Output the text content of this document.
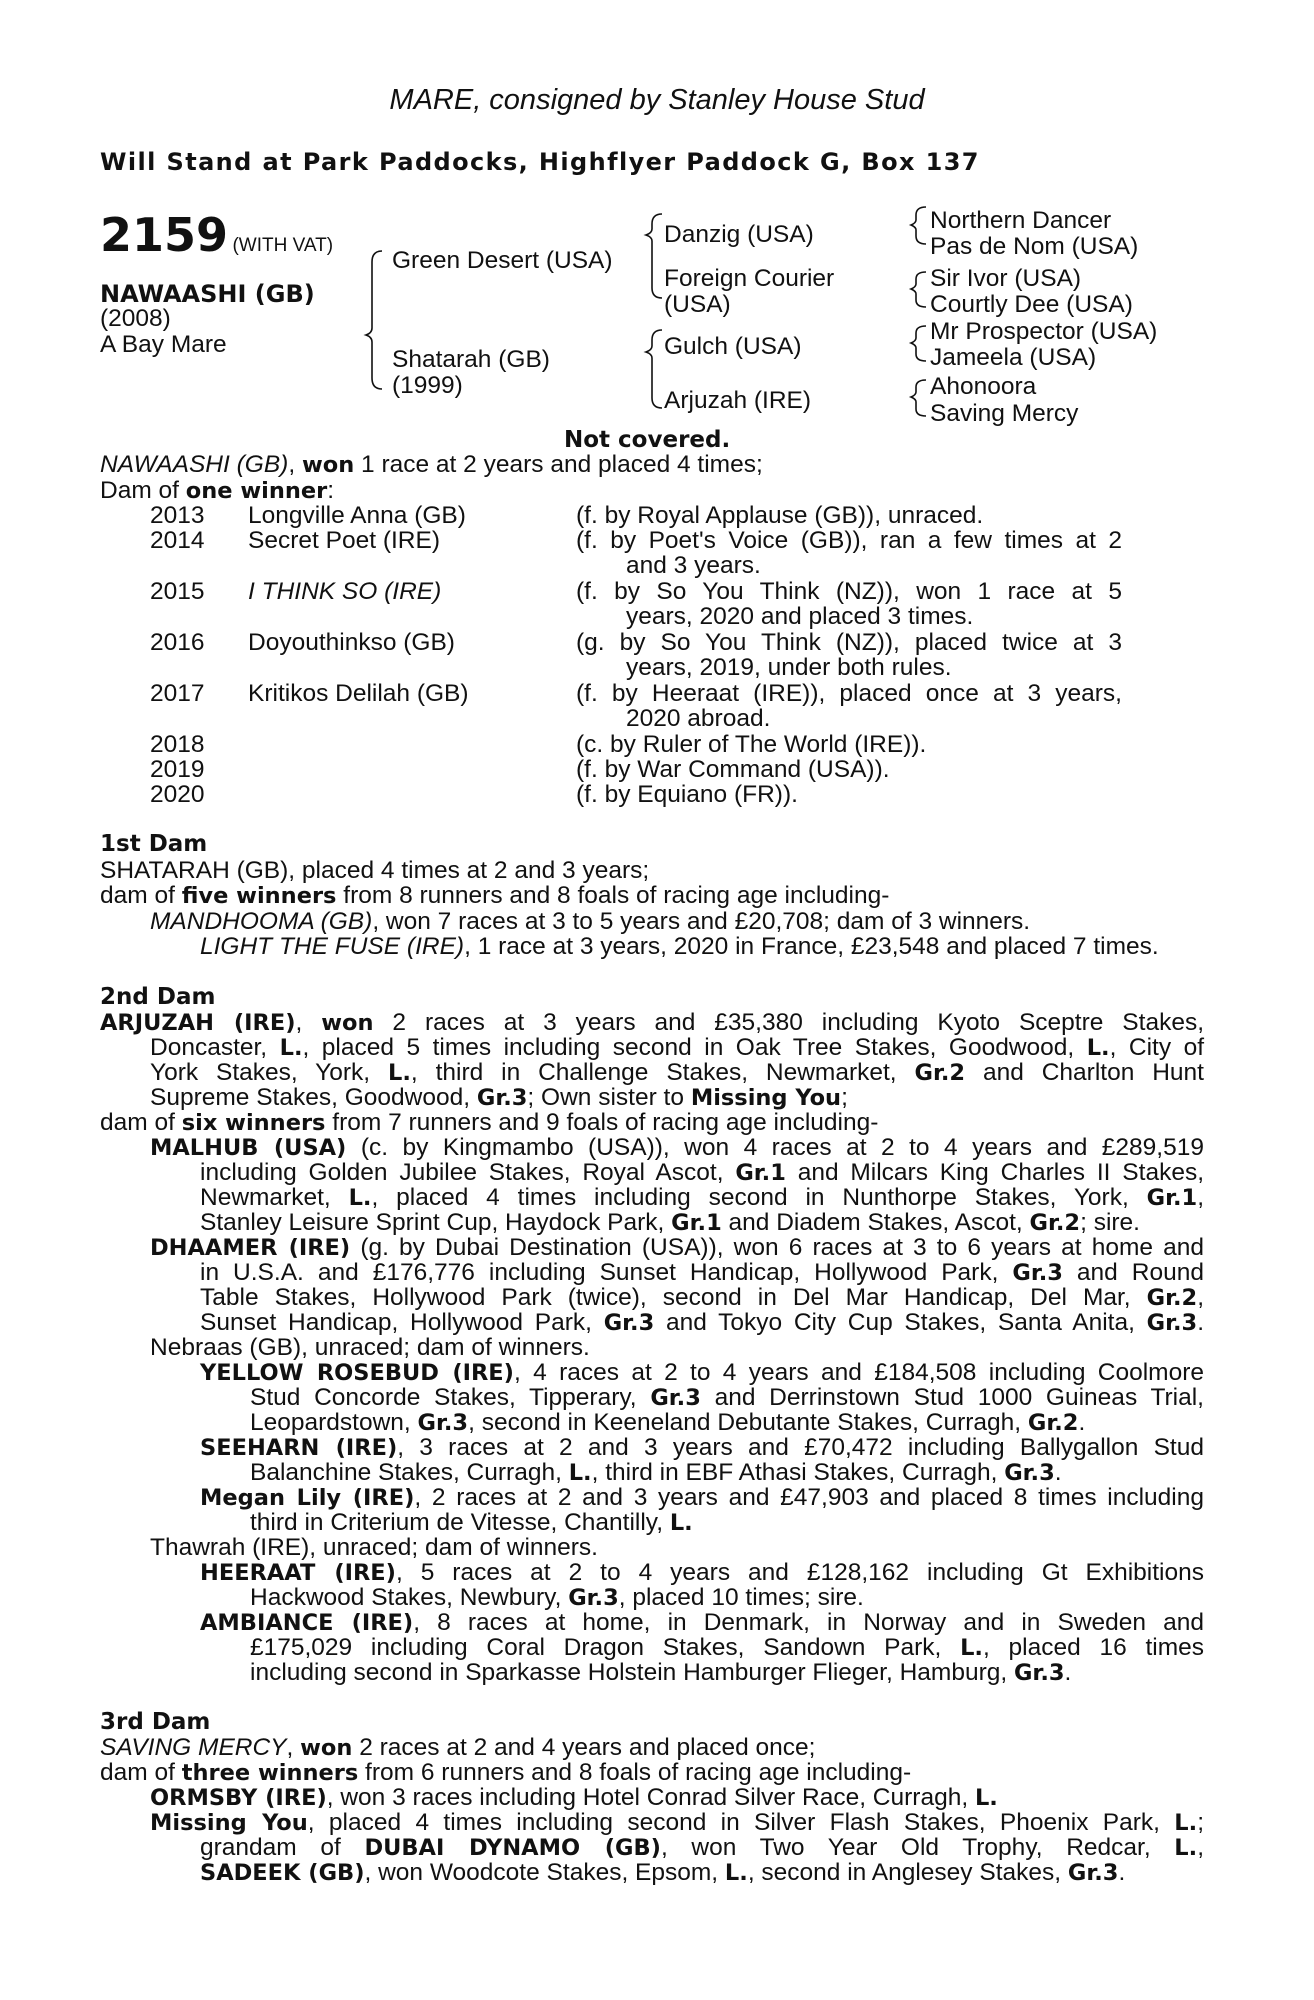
MARE, consigned by Stanley House Stud
Will Stand at Park Paddocks, Highflyer Paddock G, Box 137
2159 (WITH VAT)
NAWAASHI (GB)
(2008)
A Bay Mare
Green Desert (USA)
Shatarah (GB)
(1999)
Danzig (USA)
Foreign Courier
(USA)
Gulch (USA)
Arjuzah (IRE)
Northern Dancer
Pas de Nom (USA)
Sir Ivor (USA)
Courtly Dee (USA)
Mr Prospector (USA)
Jameela (USA)
Ahonoora
Saving Mercy
Not covered.
NAWAASHI (GB), won 1 race at 2 years and placed 4 times;
Dam of one winner:
2013 Longville Anna (GB)	(f. by Royal Applause (GB)), unraced.
2014 Secret Poet (IRE)	(f. by Poet's Voice (GB)), ran a few times at 2
and 3 years.
2015 I THINK SO (IRE)	(f. by So You Think (NZ)), won 1 race at 5
years, 2020 and placed 3 times.
2016 Doyouthinkso (GB)	(g. by So You Think (NZ)), placed twice at 3
years, 2019, under both rules.
2017 Kritikos Delilah (GB)	(f. by Heeraat (IRE)), placed once at 3 years,
2020 abroad.
2018	(c. by Ruler of The World (IRE)).
2019	(f. by War Command (USA)).
2020	(f. by Equiano (FR)).
1st Dam
SHATARAH (GB), placed 4 times at 2 and 3 years;
dam of five winners from 8 runners and 8 foals of racing age including-
MANDHOOMA (GB), won 7 races at 3 to 5 years and £20,708; dam of 3 winners.
LIGHT THE FUSE (IRE), 1 race at 3 years, 2020 in France, £23,548 and placed 7 times.
2nd Dam
ARJUZAH (IRE), won 2 races at 3 years and £35,380 including Kyoto Sceptre Stakes,
Doncaster, L., placed 5 times including second in Oak Tree Stakes, Goodwood, L., City of
York Stakes, York, L., third in Challenge Stakes, Newmarket, Gr.2 and Charlton Hunt
Supreme Stakes, Goodwood, Gr.3; Own sister to Missing You;
dam of six winners from 7 runners and 9 foals of racing age including-
MALHUB (USA) (c. by Kingmambo (USA)), won 4 races at 2 to 4 years and £289,519
including Golden Jubilee Stakes, Royal Ascot, Gr.1 and Milcars King Charles II Stakes,
Newmarket, L., placed 4 times including second in Nunthorpe Stakes, York, Gr.1,
Stanley Leisure Sprint Cup, Haydock Park, Gr.1 and Diadem Stakes, Ascot, Gr.2; sire.
DHAAMER (IRE) (g. by Dubai Destination (USA)), won 6 races at 3 to 6 years at home and
in U.S.A. and £176,776 including Sunset Handicap, Hollywood Park, Gr.3 and Round
Table Stakes, Hollywood Park (twice), second in Del Mar Handicap, Del Mar, Gr.2,
Sunset Handicap, Hollywood Park, Gr.3 and Tokyo City Cup Stakes, Santa Anita, Gr.3.
Nebraas (GB), unraced; dam of winners.
YELLOW ROSEBUD (IRE), 4 races at 2 to 4 years and £184,508 including Coolmore
Stud Concorde Stakes, Tipperary, Gr.3 and Derrinstown Stud 1000 Guineas Trial,
Leopardstown, Gr.3, second in Keeneland Debutante Stakes, Curragh, Gr.2.
SEEHARN (IRE), 3 races at 2 and 3 years and £70,472 including Ballygallon Stud
Balanchine Stakes, Curragh, L., third in EBF Athasi Stakes, Curragh, Gr.3.
Megan Lily (IRE), 2 races at 2 and 3 years and £47,903 and placed 8 times including
third in Criterium de Vitesse, Chantilly, L.
Thawrah (IRE), unraced; dam of winners.
HEERAAT (IRE), 5 races at 2 to 4 years and £128,162 including Gt Exhibitions
Hackwood Stakes, Newbury, Gr.3, placed 10 times; sire.
AMBIANCE (IRE), 8 races at home, in Denmark, in Norway and in Sweden and
£175,029 including Coral Dragon Stakes, Sandown Park, L., placed 16 times
including second in Sparkasse Holstein Hamburger Flieger, Hamburg, Gr.3.
3rd Dam
SAVING MERCY, won 2 races at 2 and 4 years and placed once;
dam of three winners from 6 runners and 8 foals of racing age including-
ORMSBY (IRE), won 3 races including Hotel Conrad Silver Race, Curragh, L.
Missing You, placed 4 times including second in Silver Flash Stakes, Phoenix Park, L.;
grandam of DUBAI DYNAMO (GB), won Two Year Old Trophy, Redcar, L.,
SADEEK (GB), won Woodcote Stakes, Epsom, L., second in Anglesey Stakes, Gr.3.
